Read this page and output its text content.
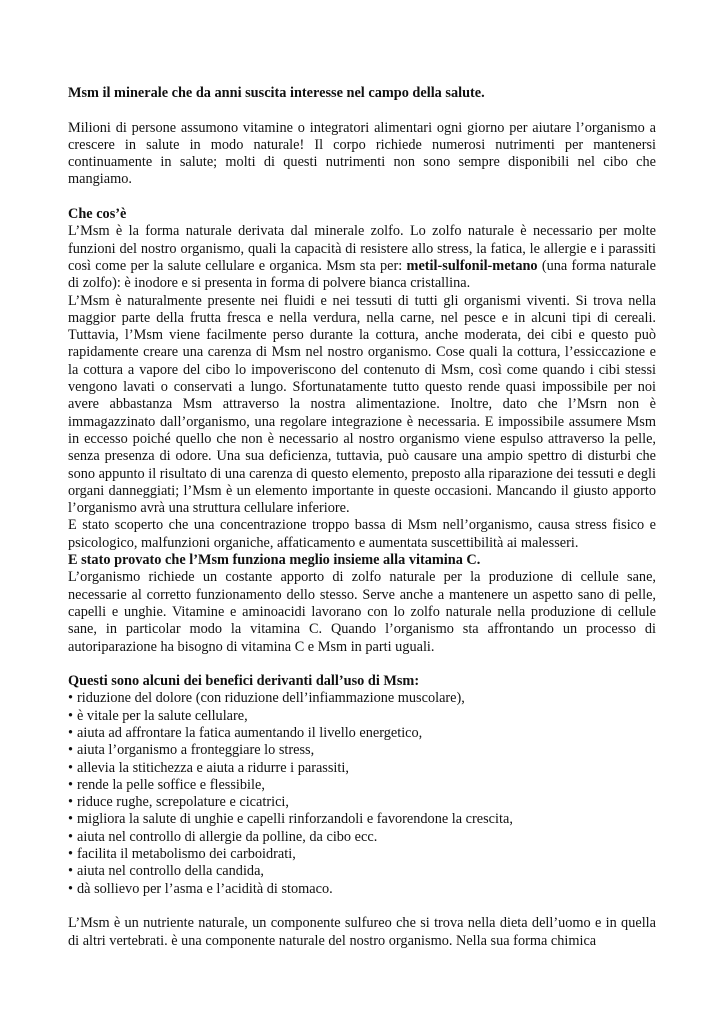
Msm il minerale che da anni suscita interesse nel campo della salute.

Milioni di persone assumono vitamine o integratori alimentari ogni giorno per aiutare l’organismo a crescere in salute in modo naturale! Il corpo richiede numerosi nutrimenti per mantenersi continuamente in salute; molti di questi nutrimenti non sono sempre disponibili nel cibo che mangiamo.

Che cos’è

L’Msm è la forma naturale derivata dal minerale zolfo. Lo zolfo naturale è necessario per molte funzioni del nostro organismo, quali la capacità di resistere allo stress, la fatica, le allergie e i parassiti così come per la salute cellulare e organica. Msm sta per: metil-sulfonil-metano (una forma naturale di zolfo): è inodore e si presenta in forma di polvere bianca cristallina.

L’Msm è naturalmente presente nei fluidi e nei tessuti di tutti gli organismi viventi. Si trova nella maggior parte della frutta fresca e nella verdura, nella carne, nel pesce e in alcuni tipi di cereali. Tuttavia, l’Msm viene facilmente perso durante la cottura, anche moderata, dei cibi e questo può rapidamente creare una carenza di Msm nel nostro organismo. Cose quali la cottura, l’essiccazione e la cottura a vapore del cibo lo impoveriscono del contenuto di Msm, così come quando i cibi stessi vengono lavati o conservati a lungo. Sfortunatamente tutto questo rende quasi impossibile per noi avere abbastanza Msm attraverso la nostra alimentazione. Inoltre, dato che l’Msrn non è immagazzinato dall’organismo, una regolare integrazione è necessaria. E impossibile assumere Msm in eccesso poiché quello che non è necessario al nostro organismo viene espulso attraverso la pelle, senza presenza di odore. Una sua deficienza, tuttavia, può causare una ampio spettro di disturbi che sono appunto il risultato di una carenza di questo elemento, preposto alla riparazione dei tessuti e degli organi danneggiati; l’Msm è un elemento importante in queste occasioni. Mancando il giusto apporto l’organismo avrà una struttura cellulare inferiore.

E stato scoperto che una concentrazione troppo bassa di Msm nell’organismo, causa stress fisico e psicologico, malfunzioni organiche, affaticamento e aumentata suscettibilità ai malesseri.

E stato provato che l’Msm funziona meglio insieme alla vitamina C.

L’organismo richiede un costante apporto di zolfo naturale per la produzione di cellule sane, necessarie al corretto funzionamento dello stesso. Serve anche a mantenere un aspetto sano di pelle, capelli e unghie. Vitamine e aminoacidi lavorano con lo zolfo naturale nella produzione di cellule sane, in particolar modo la vitamina C. Quando l’organismo sta affrontando un processo di autoriparazione ha bisogno di vitamina C e Msm in parti uguali.

Questi sono alcuni dei benefici derivanti dall’uso di Msm:

• riduzione del dolore (con riduzione dell’infiammazione muscolare),
• è vitale per la salute cellulare,
• aiuta ad affrontare la fatica aumentando il livello energetico,
• aiuta l’organismo a fronteggiare lo stress,
• allevia la stitichezza e aiuta a ridurre i parassiti,
• rende la pelle soffice e flessibile,
• riduce rughe, screpolature e cicatrici,
• migliora la salute di unghie e capelli rinforzandoli e favorendone la crescita,
• aiuta nel controllo di allergie da polline, da cibo ecc.
• facilita il metabolismo dei carboidrati,
• aiuta nel controllo della candida,
• dà sollievo per l’asma e l’acidità di stomaco.

L’Msm è un nutriente naturale, un componente sulfureo che si trova nella dieta dell’uomo e in quella di altri vertebrati. è una componente naturale del nostro organismo. Nella sua forma chimica
